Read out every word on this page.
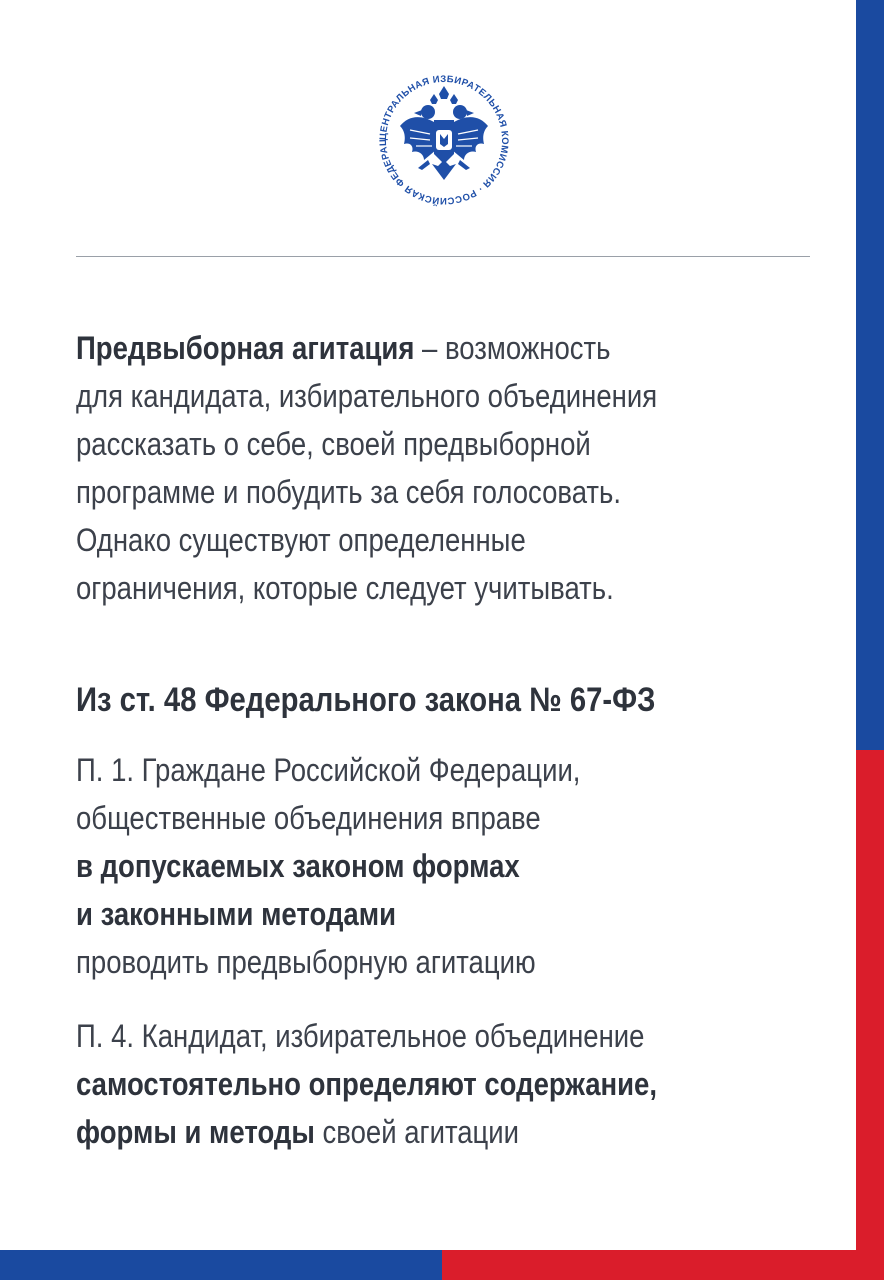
ЦЕНТРАЛЬНАЯ ИЗБИРАТЕЛЬНАЯ КОМИССИЯ · РОССИЙСКАЯ ФЕДЕРАЦ
Предвыборная агитация – возможность
для кандидата, избирательного объединения
рассказать о себе, своей предвыборной
программе и побудить за себя голосовать.
Однако существуют определенные
ограничения, которые следует учитывать.
Из ст. 48 Федерального закона № 67-ФЗ
П. 1. Граждане Российской Федерации,
общественные объединения вправе
в допускаемых законом формах
и законными методами
проводить предвыборную агитацию
П. 4. Кандидат, избирательное объединение
самостоятельно определяют содержание,
формы и методы своей агитации
